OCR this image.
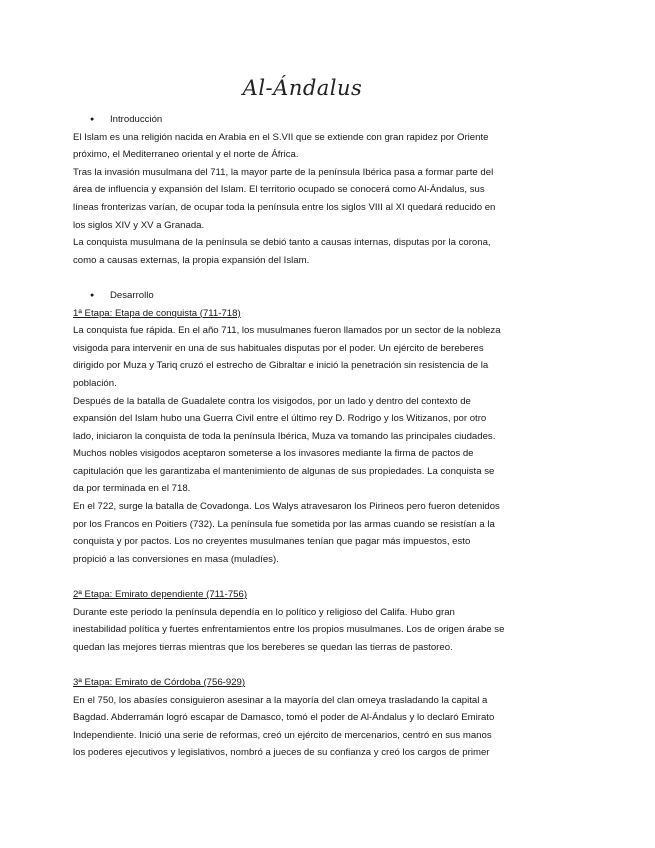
Al-Ándalus
● Introducción
El Islam es una religión nacida en Arabia en el S.VII que se extiende con gran rapidez por Oriente
próximo, el Mediterraneo oriental y el norte de África.
Tras la invasión musulmana del 711, la mayor parte de la península Ibérica pasa a formar parte del
área de influencia y expansión del Islam. El territorio ocupado se conocerá como Al-Ándalus, sus
líneas fronterizas varían, de ocupar toda la península entre los siglos VIII al XI quedará reducido en
los siglos XIV y XV a Granada.
La conquista musulmana de la península se debió tanto a causas internas, disputas por la corona,
como a causas externas, la propia expansión del Islam.
● Desarrollo
1ª Etapa: Etapa de conquista (711-718)
La conquista fue rápida. En el año 711, los musulmanes fueron llamados por un sector de la nobleza
visigoda para intervenir en una de sus habituales disputas por el poder. Un ejército de bereberes
dirigido por Muza y Tariq cruzó el estrecho de Gibraltar e inició la penetración sin resistencia de la
población.
Después de la batalla de Guadalete contra los visigodos, por un lado y dentro del contexto de
expansión del Islam hubo una Guerra Civil entre el último rey D. Rodrigo y los Witizanos, por otro
lado, iniciaron la conquista de toda la península Ibérica, Muza va tomando las principales ciudades.
Muchos nobles visigodos aceptaron someterse a los invasores mediante la firma de pactos de
capitulación que les garantizaba el mantenimiento de algunas de sus propiedades. La conquista se
da por terminada en el 718.
En el 722, surge la batalla de Covadonga. Los Walys atravesaron los Pirineos pero fueron detenidos
por los Francos en Poitiers (732). La península fue sometida por las armas cuando se resistían a la
conquista y por pactos. Los no creyentes musulmanes tenían que pagar más impuestos, esto
propició a las conversiones en masa (muladíes).
2ª Etapa: Emirato dependiente (711-756)
Durante este periodo la península dependía en lo político y religioso del Califa. Hubo gran
inestabilidad política y fuertes enfrentamientos entre los propios musulmanes. Los de origen árabe se
quedan las mejores tierras mientras que los bereberes se quedan las tierras de pastoreo.
3ª Etapa: Emirato de Córdoba (756-929)
En el 750, los abasíes consiguieron asesinar a la mayoría del clan omeya trasladando la capital a
Bagdad. Abderramán logró escapar de Damasco, tomó el poder de Al-Ándalus y lo declaró Emirato
Independiente. Inició una serie de reformas, creó un ejército de mercenarios, centró en sus manos
los poderes ejecutivos y legislativos, nombró a jueces de su confianza y creó los cargos de primer
